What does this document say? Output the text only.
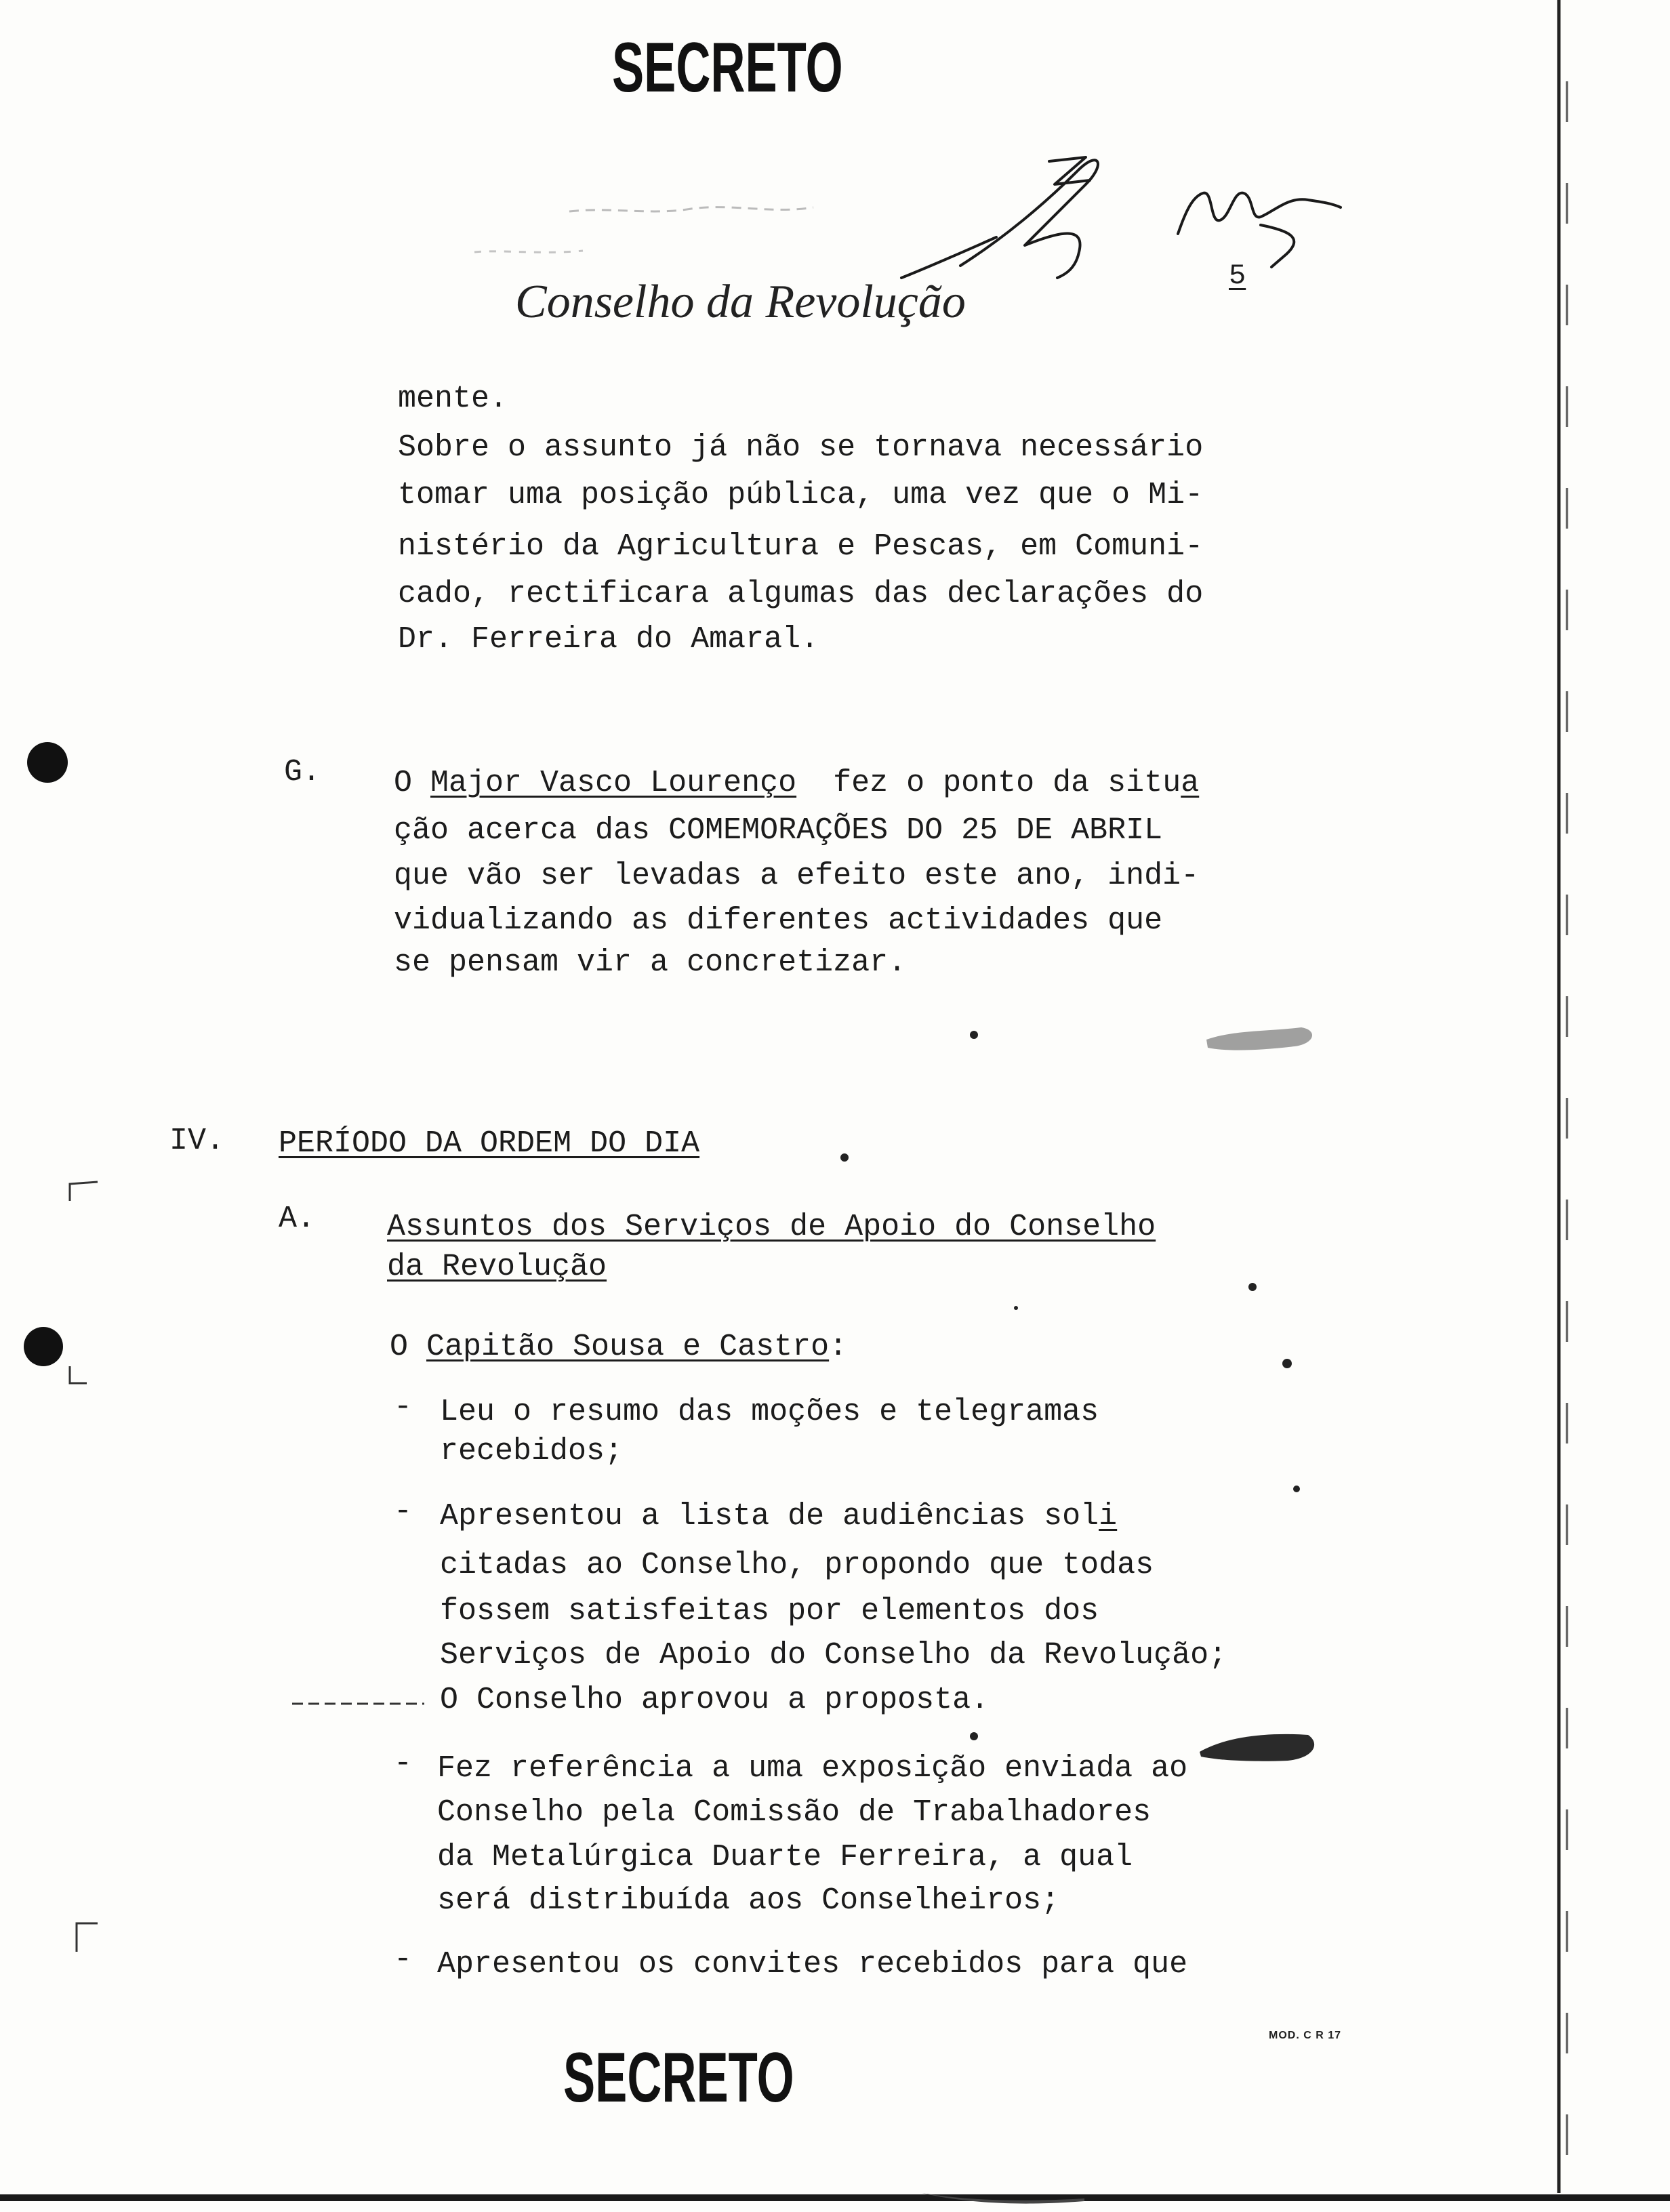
SECRETO
Conselho da Revolução	5
mente.
Sobre o assunto já não se tornava necessário
tomar uma posição pública, uma vez que o Mi-
nistério da Agricultura e Pescas, em Comuni-
cado, rectificara algumas das declarações do
Dr. Ferreira do Amaral.
G. O Major Vasco Lourenço fez o ponto da situa
ção acerca das COMEMORAÇÕES DO 25 DE ABRIL
que vão ser levadas a efeito este ano, indi-
vidualizando as diferentes actividades que
se pensam vir a concretizar.
IV. PERÍODO DA ORDEM DO DIA
A. Assuntos dos Serviços de Apoio do Conselho
da Revolução
O Capitão Sousa e Castro:
- Leu o resumo das moções e telegramas
recebidos;
- Apresentou a lista de audiências soli
citadas ao Conselho, propondo que todas
fossem satisfeitas por elementos dos
Serviços de Apoio do Conselho da Revolução;
O Conselho aprovou a proposta.
- Fez referência a uma exposição enviada ao
Conselho pela Comissão de Trabalhadores
da Metalúrgica Duarte Ferreira, a qual
será distribuída aos Conselheiros;
- Apresentou os convites recebidos para que
MOD. C R 17
SECRETO
